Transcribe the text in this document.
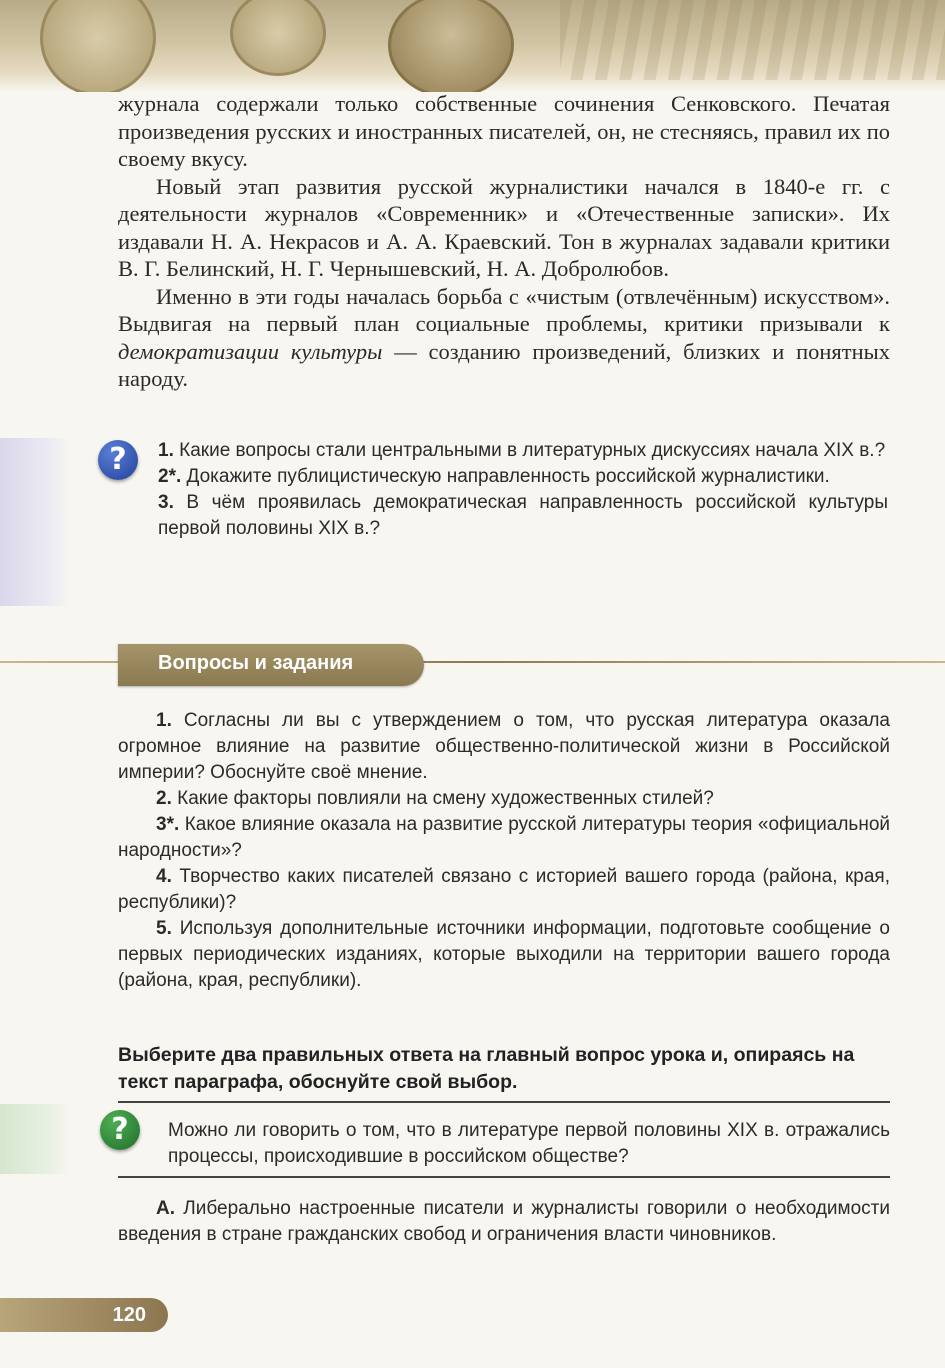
журнала содержали только собственные сочинения Сенковского. Печатая произведения русских и иностранных писателей, он, не стесняясь, правил их по своему вкусу.

Новый этап развития русской журналистики начался в 1840-е гг. с деятельности журналов «Современник» и «Отечественные записки». Их издавали Н. А. Некрасов и А. А. Краевский. Тон в журналах задавали критики В. Г. Белинский, Н. Г. Чернышевский, Н. А. Добролюбов.

Именно в эти годы началась борьба с «чистым (отвлечённым) искусством». Выдвигая на первый план социальные проблемы, критики призывали к демократизации культуры — созданию произведений, близких и понятных народу.

?	1. Какие вопросы стали центральными в литературных дискуссиях начала XIX в.?

2*. Докажите публицистическую направленность российской журналистики.

3. В чём проявилась демократическая направленность российской культуры первой половины XIX в.?

Вопросы и задания

1. Согласны ли вы с утверждением о том, что русская литература оказала огромное влияние на развитие общественно-политической жизни в Российской империи? Обоснуйте своё мнение.

2. Какие факторы повлияли на смену художественных стилей?

3*. Какое влияние оказала на развитие русской литературы теория «официальной народности»?

4. Творчество каких писателей связано с историей вашего города (района, края, республики)?

5. Используя дополнительные источники информации, подготовьте сообщение о первых периодических изданиях, которые выходили на территории вашего города (района, края, республики).

Выберите два правильных ответа на главный вопрос урока и, опираясь на текст параграфа, обоснуйте свой выбор.
?	Можно ли говорить о том, что в литературе первой половины XIX в. отражались процессы, происходившие в российском обществе?

А. Либерально настроенные писатели и журналисты говорили о необходимости введения в стране гражданских свобод и ограничения власти чиновников.

120
